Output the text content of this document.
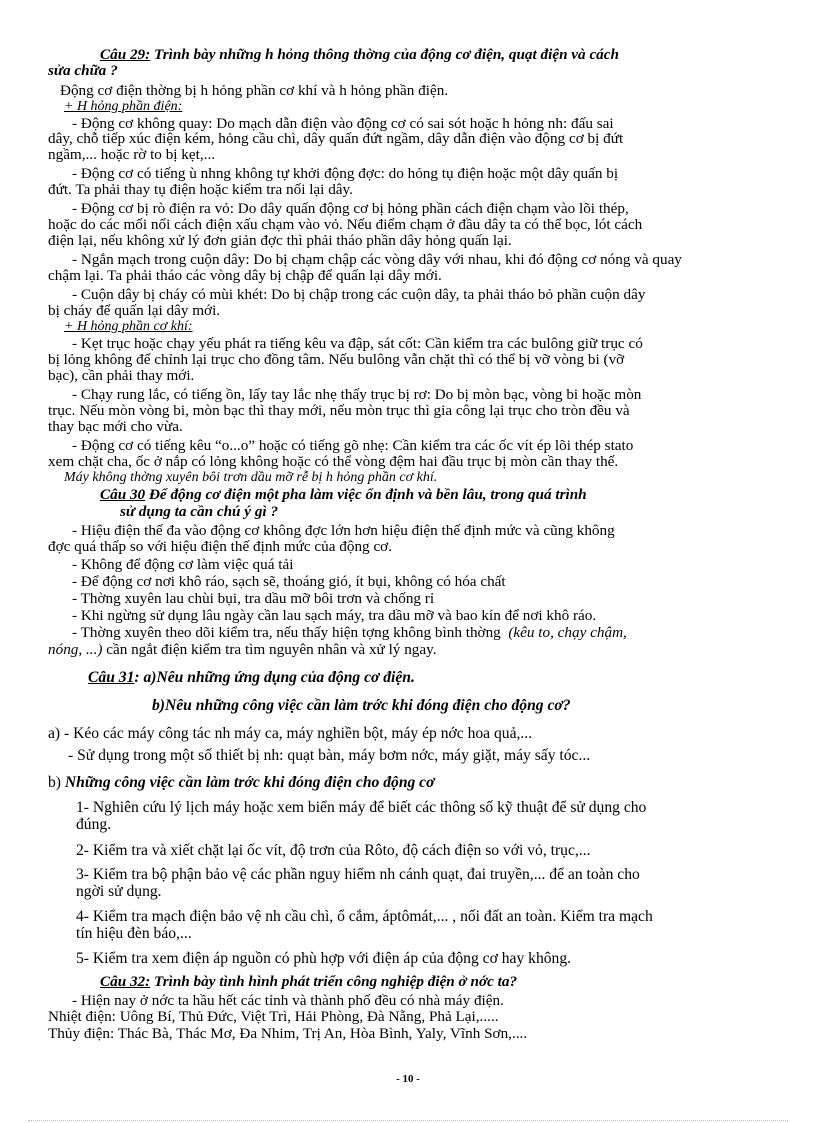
Câu 29: Trình bày những h hỏng thông thờng của động cơ điện, quạt điện và cách
sửa chữa ?
Động cơ điện thờng bị h hỏng phần cơ khí và h hỏng phần điện.
+ H hỏng phần điện:
- Động cơ không quay: Do mạch dẫn điện vào động cơ có sai sót hoặc h hỏng nh: đấu sai
dây, chỗ tiếp xúc điện kém, hỏng cầu chì, dây quấn đứt ngầm, dây dẫn điện vào động cơ bị đứt
ngầm,... hoặc rờ to bị kẹt,...
- Động cơ có tiếng ù nhng không tự khởi động đợc: do hỏng tụ điện hoặc một dây quấn bị
đứt. Ta phải thay tụ điện hoặc kiểm tra nối lại dây.
- Động cơ bị rò điện ra vỏ: Do dây quấn động cơ bị hỏng phần cách điện chạm vào lõi thép,
hoặc do các mối nối cách điện xấu chạm vào vỏ. Nếu điểm chạm ở đầu dây ta có thể bọc, lót cách
điện lại, nếu không xử lý đơn giản đợc thì phải tháo phần dây hỏng quấn lại.
- Ngắn mạch trong cuộn dây: Do bị chạm chập các vòng dây với nhau, khi đó động cơ nóng và quay
chậm lại. Ta phải tháo các vòng dây bị chập để quấn lại dây mới.
- Cuộn dây bị cháy có mùi khét: Do bị chập trong các cuộn dây, ta phải tháo bỏ phần cuộn dây
bị cháy để quấn lại dây mới.
+ H hỏng phần cơ khí:
- Kẹt trục hoặc chạy yếu phát ra tiếng kêu va đập, sát cốt: Cần kiểm tra các bulông giữ trục có
bị lỏng không để chỉnh lại trục cho đồng tâm. Nếu bulông vẫn chặt thì có thể bị vỡ vòng bi (vỡ
bạc), cần phải thay mới.
- Chạy rung lắc, có tiếng ồn, lấy tay lắc nhẹ thấy trục bị rơ: Do bị mòn bạc, vòng bi hoặc mòn
trục. Nếu mòn vòng bi, mòn bạc thì thay mới, nếu mòn trục thì gia công lại trục cho tròn đều và
thay bạc mới cho vừa.
- Động cơ có tiếng kêu “o...o” hoặc có tiếng gõ nhẹ: Cần kiểm tra các ốc vít ép lõi thép stato
xem chặt cha, ốc ở nắp có lỏng không hoặc có thể vòng đệm hai đầu trục bị mòn cần thay thế.
Máy không thờng xuyên bôi trơn dầu mỡ rễ bị h hỏng phần cơ khí.
Câu 30 Để động cơ điện một pha làm việc ổn định và bền lâu, trong quá trình
sử dụng ta cần chú ý gì ?
- Hiệu điện thế đa vào động cơ không đợc lớn hơn hiệu điện thế định mức và cũng không
đợc quá thấp so với hiệu điện thế định mức của động cơ.
- Không để động cơ làm việc quá tải
- Để động cơ nơi khô ráo, sạch sẽ, thoáng gió, ít bụi, không có hóa chất
- Thờng xuyên lau chùi bụi, tra dầu mỡ bôi trơn và chống rỉ
- Khi ngừng sử dụng lâu ngày cần lau sạch máy, tra dầu mỡ và bao kín để nơi khô ráo.
- Thờng xuyên theo dõi kiểm tra, nếu thấy hiện tợng không bình thờng (kêu to, chạy chậm,
nóng, ...) cần ngắt điện kiểm tra tìm nguyên nhân và xử lý ngay.
Câu 31: a)Nêu những ứng dụng của động cơ điện.
b)Nêu những công việc cần làm trớc khi đóng điện cho động cơ?
a) - Kéo các máy công tác nh máy ca, máy nghiền bột, máy ép nớc hoa quả,...
- Sử dụng trong một số thiết bị nh: quạt bàn, máy bơm nớc, máy giặt, máy sấy tóc...
b) Những công việc cần làm trớc khi đóng điện cho động cơ
1- Nghiên cứu lý lịch máy hoặc xem biển máy để biết các thông số kỹ thuật để sử dụng cho
đúng.
2- Kiểm tra và xiết chặt lại ốc vít, độ trơn của Rôto, độ cách điện so với vỏ, trục,...
3- Kiểm tra bộ phận bảo vệ các phần nguy hiểm nh cánh quạt, đai truyền,... để an toàn cho
ngời sử dụng.
4- Kiểm tra mạch điện bảo vệ nh cầu chì, ổ cắm, áptômát,... , nối đất an toàn. Kiểm tra mạch
tín hiệu đèn báo,...
5- Kiểm tra xem điện áp nguồn có phù hợp với điện áp của động cơ hay không.
Câu 32: Trình bày tình hình phát triển công nghiệp điện ở nớc ta?
- Hiện nay ở nớc ta hầu hết các tỉnh và thành phố đều có nhà máy điện.
Nhiệt điện: Uông Bí, Thủ Đức, Việt Trì, Hải Phòng, Đà Nẵng, Phả Lại,.....
Thủy điện: Thác Bà, Thác Mơ, Đa Nhim, Trị An, Hòa Bình, Yaly, Vĩnh Sơn,....
- 10 -
